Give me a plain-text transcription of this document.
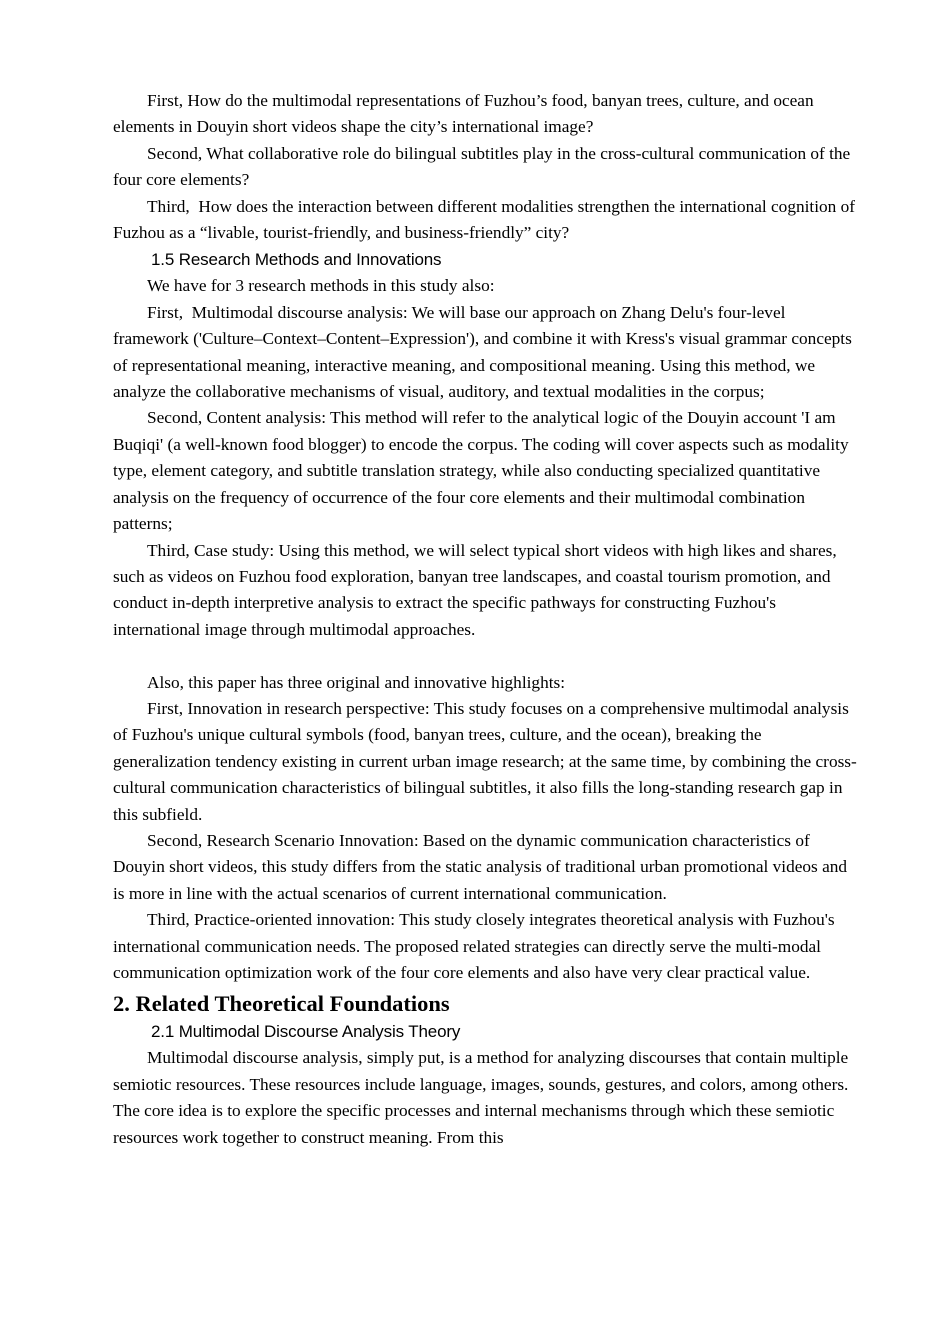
First, How do the multimodal representations of Fuzhou’s food, banyan trees, culture, and ocean elements in Douyin short videos shape the city’s international image?

Second, What collaborative role do bilingual subtitles play in the cross-cultural communication of the four core elements?

Third,  How does the interaction between different modalities strengthen the international cognition of Fuzhou as a “livable, tourist-friendly, and business-friendly” city?

1.5 Research Methods and Innovations

We have for 3 research methods in this study also:

First,  Multimodal discourse analysis: We will base our approach on Zhang Delu's four-level framework ('Culture–Context–Content–Expression'), and combine it with Kress's visual grammar concepts of representational meaning, interactive meaning, and compositional meaning. Using this method, we analyze the collaborative mechanisms of visual, auditory, and textual modalities in the corpus;

Second, Content analysis: This method will refer to the analytical logic of the Douyin account 'I am Buqiqi' (a well-known food blogger) to encode the corpus. The coding will cover aspects such as modality type, element category, and subtitle translation strategy, while also conducting specialized quantitative analysis on the frequency of occurrence of the four core elements and their multimodal combination patterns;

Third, Case study: Using this method, we will select typical short videos with high likes and shares, such as videos on Fuzhou food exploration, banyan tree landscapes, and coastal tourism promotion, and conduct in-depth interpretive analysis to extract the specific pathways for constructing Fuzhou's international image through multimodal approaches.

Also, this paper has three original and innovative highlights:

First, Innovation in research perspective: This study focuses on a comprehensive multimodal analysis of Fuzhou's unique cultural symbols (food, banyan trees, culture, and the ocean), breaking the generalization tendency existing in current urban image research; at the same time, by combining the cross-cultural communication characteristics of bilingual subtitles, it also fills the long-standing research gap in this subfield.

Second, Research Scenario Innovation: Based on the dynamic communication characteristics of Douyin short videos, this study differs from the static analysis of traditional urban promotional videos and is more in line with the actual scenarios of current international communication.

Third, Practice-oriented innovation: This study closely integrates theoretical analysis with Fuzhou's international communication needs. The proposed related strategies can directly serve the multi-modal communication optimization work of the four core elements and also have very clear practical value.

2. Related Theoretical Foundations
2.1 Multimodal Discourse Analysis Theory

Multimodal discourse analysis, simply put, is a method for analyzing discourses that contain multiple semiotic resources. These resources include language, images, sounds, gestures, and colors, among others. The core idea is to explore the specific processes and internal mechanisms through which these semiotic resources work together to construct meaning. From this
